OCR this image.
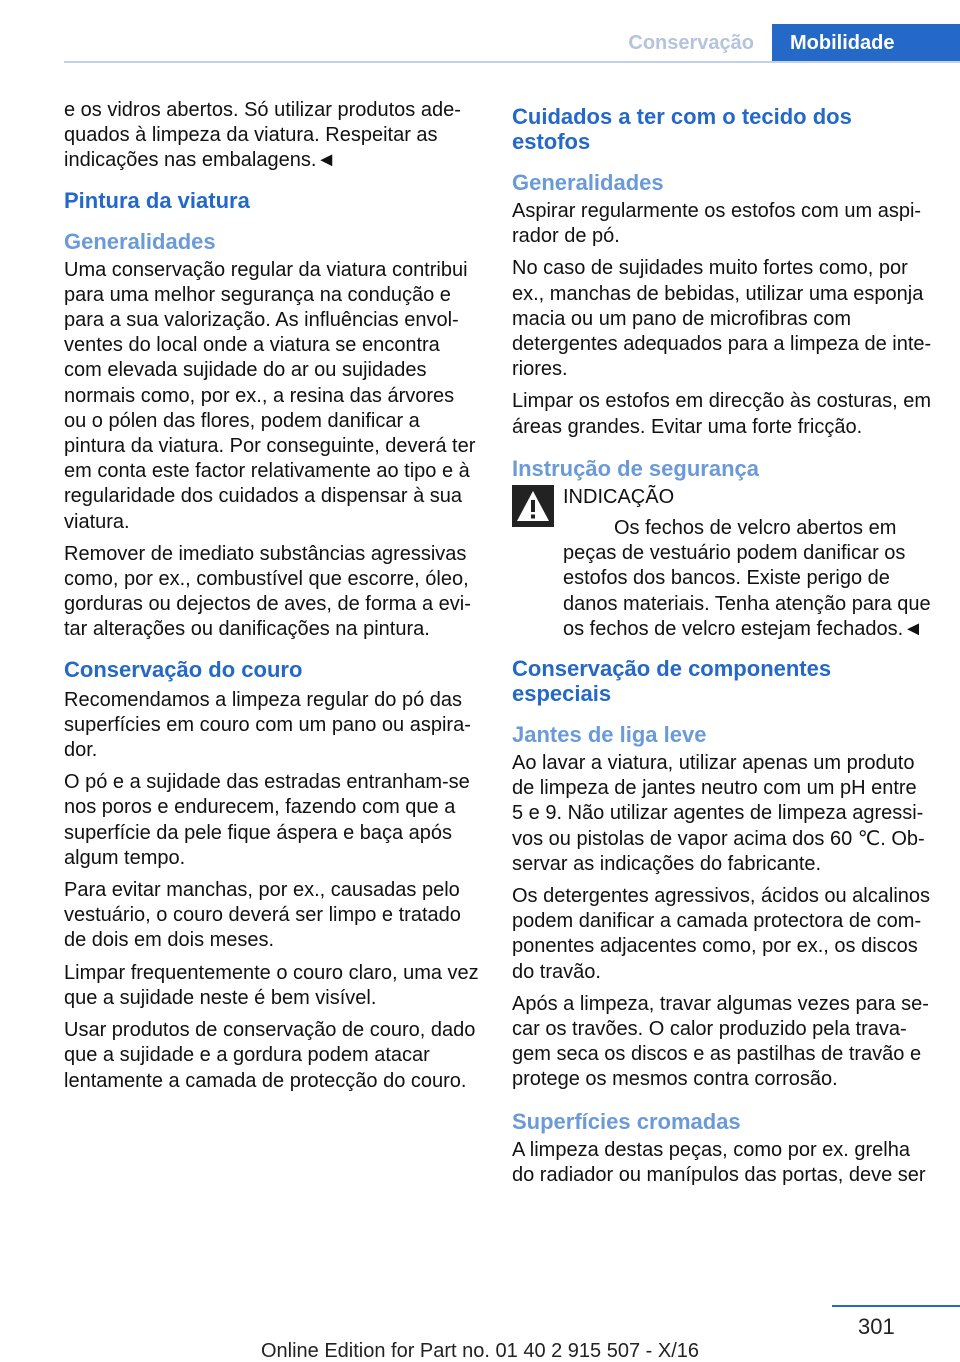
Conservação	Mobilidade

e os vidros abertos. Só utilizar produtos adequados à limpeza da viatura. Respeitar as indicações nas embalagens.◄

Pintura da viatura
Generalidades

Uma conservação regular da viatura contribui para uma melhor segurança na condução e para a sua valorização. As influências envolventes do local onde a viatura se encontra com elevada sujidade do ar ou sujidades normais como, por ex., a resina das árvores ou o pólen das flores, podem danificar a pintura da viatura. Por conseguinte, deverá ter em conta este factor relativamente ao tipo e à regularidade dos cuidados a dispensar à sua viatura.

Remover de imediato substâncias agressivas como, por ex., combustível que escorre, óleo, gorduras ou dejectos de aves, de forma a evitar alterações ou danificações na pintura.

Conservação do couro

Recomendamos a limpeza regular do pó das superfícies em couro com um pano ou aspirador.

O pó e a sujidade das estradas entranham-se nos poros e endurecem, fazendo com que a superfície da pele fique áspera e baça após algum tempo.

Para evitar manchas, por ex., causadas pelo vestuário, o couro deverá ser limpo e tratado de dois em dois meses.

Limpar frequentemente o couro claro, uma vez que a sujidade neste é bem visível.

Usar produtos de conservação de couro, dado que a sujidade e a gordura podem atacar lentamente a camada de protecção do couro.

Cuidados a ter com o tecido dos estofos
Generalidades

Aspirar regularmente os estofos com um aspirador de pó.

No caso de sujidades muito fortes como, por ex., manchas de bebidas, utilizar uma esponja macia ou um pano de microfibras com detergentes adequados para a limpeza de interiores.

Limpar os estofos em direcção às costuras, em áreas grandes. Evitar uma forte fricção.

Instrução de segurança
INDICAÇÃO

Os fechos de velcro abertos em peças de vestuário podem danificar os estofos dos bancos. Existe perigo de danos materiais. Tenha atenção para que os fechos de velcro estejam fechados.◄

Conservação de componentes especiais
Jantes de liga leve

Ao lavar a viatura, utilizar apenas um produto de limpeza de jantes neutro com um pH entre 5 e 9. Não utilizar agentes de limpeza agressivos ou pistolas de vapor acima dos 60 ℃. Observar as indicações do fabricante.

Os detergentes agressivos, ácidos ou alcalinos podem danificar a camada protectora de componentes adjacentes como, por ex., os discos do travão.

Após a limpeza, travar algumas vezes para secar os travões. O calor produzido pela travagem seca os discos e as pastilhas de travão e protege os mesmos contra corrosão.

Superfícies cromadas

A limpeza destas peças, como por ex. grelha do radiador ou manípulos das portas, deve ser

301
Online Edition for Part no. 01 40 2 915 507 - X/16
